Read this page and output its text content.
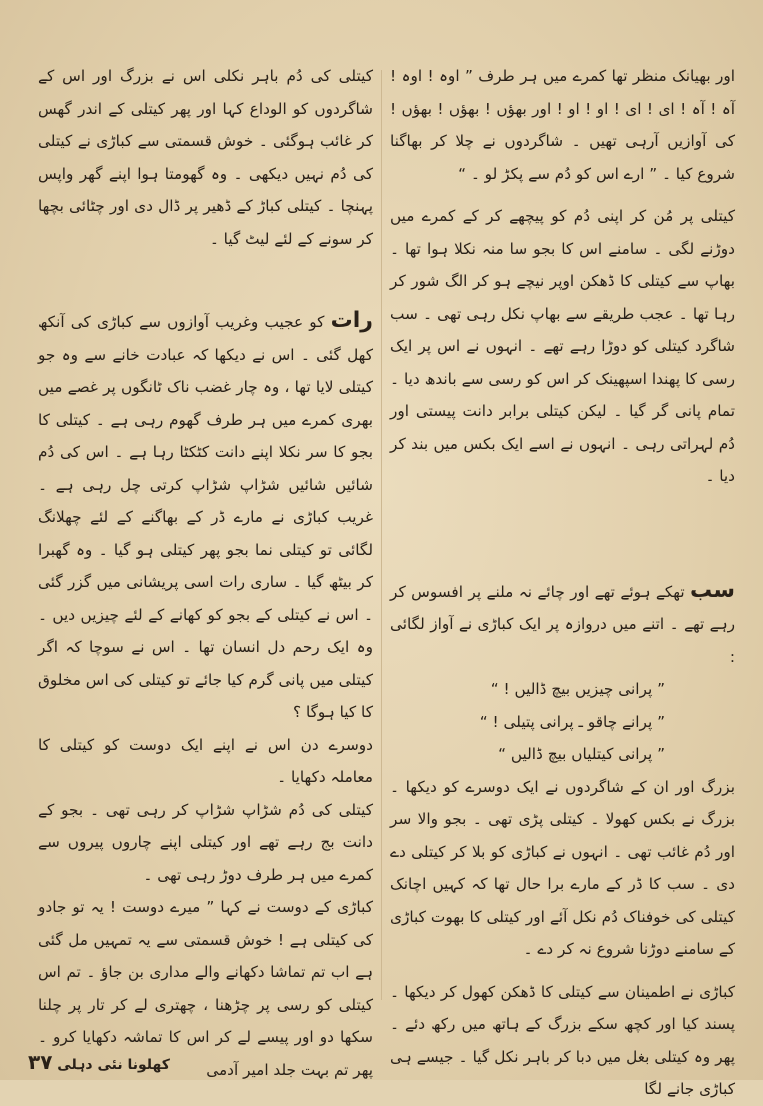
اور بھیانک منظر تھا کمرے میں ہر طرف ” اوہ ! اوہ ! آہ ! آہ ! ای ! ای ! او ! او ! اور بھؤں ! بھؤں ! بھؤں ! کی آوازیں آرہی تھیں ۔ شاگردوں نے چلا کر بھاگنا شروع کیا ۔ ” ارے اس کو دُم سے پکڑ لو ۔ “

کیتلی پر مُن کر اپنی دُم کو پیچھے کر کے کمرے میں دوڑنے لگی ۔ سامنے اس کا بجو سا منہ نکلا ہوا تھا ۔ بھاپ سے کیتلی کا ڈھکن اوپر نیچے ہو کر الگ شور کر رہا تھا ۔ عجب طریقے سے بھاپ نکل رہی تھی ۔ سب شاگرد کیتلی کو دوڑا رہے تھے ۔ انہوں نے اس پر ایک رسی کا پھندا اسپھینک کر اس کو رسی سے باندھ دیا ۔ تمام پانی گر گیا ۔ لیکن کیتلی برابر دانت پیستی اور دُم لہراتی رہی ۔ انہوں نے اسے ایک بکس میں بند کر دیا ۔

سب تھکے ہوئے تھے اور چائے نہ ملنے پر افسوس کر رہے تھے ۔ اتنے میں دروازہ پر ایک کباڑی نے آواز لگائی :

” پرانی چیزیں بیچ ڈالیں ! “

” پرانے چاقو ـ پرانی پتیلی ! “

” پرانی کیتلیاں بیچ ڈالیں “

بزرگ اور ان کے شاگردوں نے ایک دوسرے کو دیکھا ۔ بزرگ نے بکس کھولا ۔ کیتلی پڑی تھی ۔ بجو والا سر اور دُم غائب تھی ۔ انہوں نے کباڑی کو بلا کر کیتلی دے دی ۔ سب کا ڈر کے مارے برا حال تھا کہ کہیں اچانک کیتلی کی خوفناک دُم نکل آئے اور کیتلی کا بھوت کباڑی کے سامنے دوڑنا شروع نہ کر دے ۔

کباڑی نے اطمینان سے کیتلی کا ڈھکن کھول کر دیکھا ۔ پسند کیا اور کچھ سکے بزرگ کے ہاتھ میں رکھ دئے ۔ پھر وہ کیتلی بغل میں دبا کر باہر نکل گیا ۔ جیسے ہی کباڑی جانے لگا

کیتلی کی دُم باہر نکلی اس نے بزرگ اور اس کے شاگردوں کو الوداع کہا اور پھر کیتلی کے اندر گھس کر غائب ہوگئی ۔ خوش قسمتی سے کباڑی نے کیتلی کی دُم نہیں دیکھی ۔ وہ گھومتا ہوا اپنے گھر واپس پہنچا ۔ کیتلی کباڑ کے ڈھیر پر ڈال دی اور چٹائی بچھا کر سونے کے لئے لیٹ گیا ۔

رات کو عجیب وغریب آوازوں سے کباڑی کی آنکھ کھل گئی ۔ اس نے دیکھا کہ عبادت خانے سے وہ جو کیتلی لایا تھا ، وہ چار غضب ناک ٹانگوں پر غصے میں بھری کمرے میں ہر طرف گھوم رہی ہے ۔ کیتلی کا بجو کا سر نکلا اپنے دانت کٹکٹا رہا ہے ۔ اس کی دُم شائیں شائیں شڑاپ شڑاپ کرتی چل رہی ہے ۔ غریب کباڑی نے مارے ڈر کے بھاگنے کے لئے چھلانگ لگائی تو کیتلی نما بجو پھر کیتلی ہو گیا ۔ وہ گھبرا کر بیٹھ گیا ۔ ساری رات اسی پریشانی میں گزر گئی ۔ اس نے کیتلی کے بجو کو کھانے کے لئے چیزیں دیں ۔ وہ ایک رحم دل انسان تھا ۔ اس نے سوچا کہ اگر کیتلی میں پانی گرم کیا جائے تو کیتلی کی اس مخلوق کا کیا ہوگا ؟

دوسرے دن اس نے اپنے ایک دوست کو کیتلی کا معاملہ دکھایا ۔

کیتلی کی دُم شڑاپ شڑاپ کر رہی تھی ۔ بجو کے دانت بج رہے تھے اور کیتلی اپنے چاروں پیروں سے کمرے میں ہر طرف دوڑ رہی تھی ۔

کباڑی کے دوست نے کہا ” میرے دوست ! یہ تو جادو کی کیتلی ہے ! خوش قسمتی سے یہ تمہیں مل گئی ہے اب تم تماشا دکھانے والے مداری بن جاؤ ۔ تم اس کیتلی کو رسی پر چڑھنا ، چھتری لے کر تار پر چلنا سکھا دو اور پیسے لے کر اس کا تماشہ دکھایا کرو ۔ پھر تم بہت جلد امیر آدمی

کھلونا نئی دہلی ۳۷
